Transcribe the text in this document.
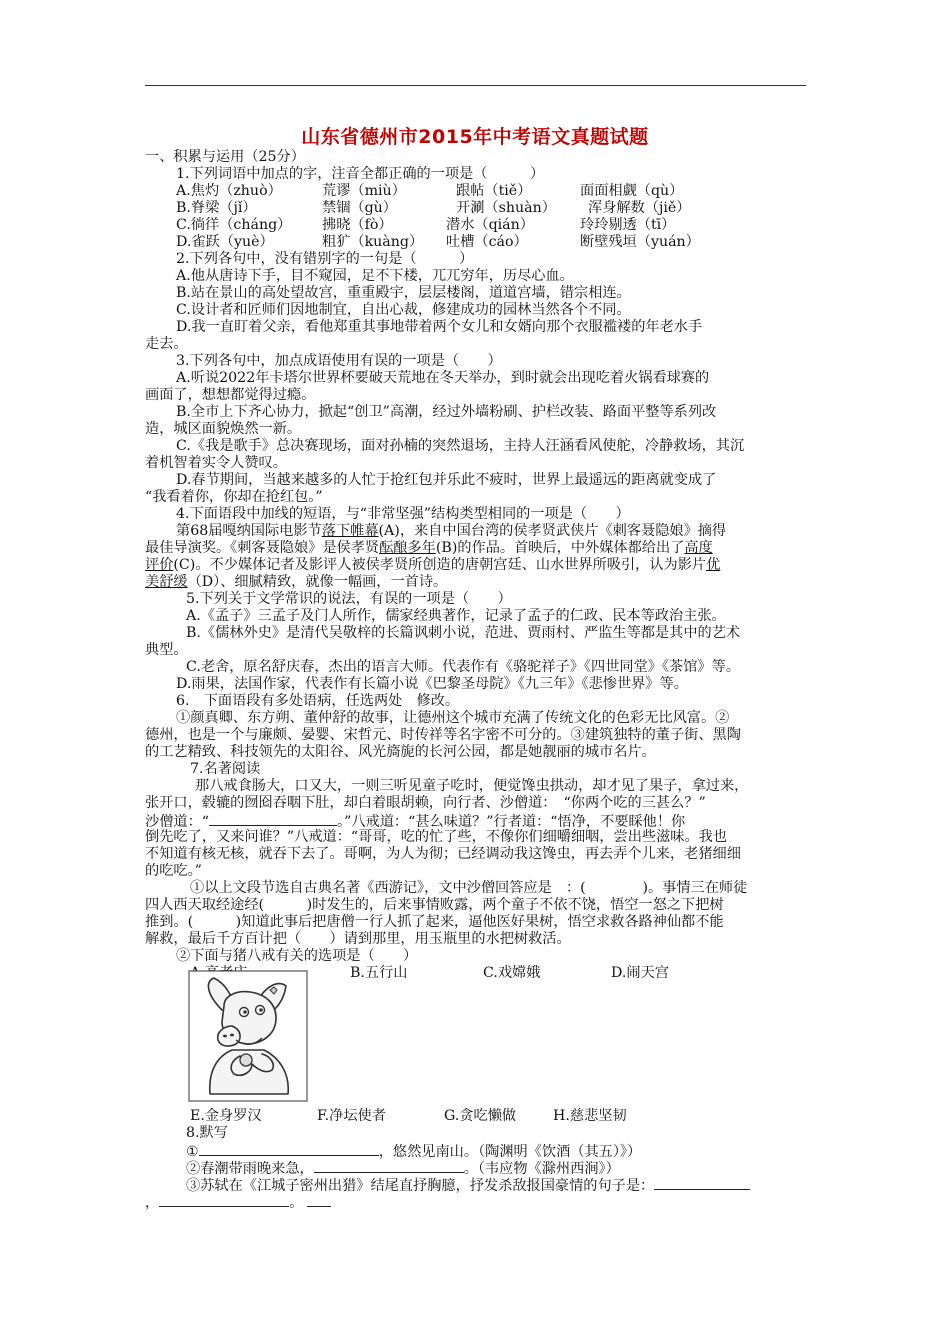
山东省德州市2015年中考语文真题试题
一、积累与运用（25分）
1.下列词语中加点的字，注音全都正确的一项是（　　　）
A.焦灼（zhuò）	荒谬（miù）	跟帖（tiě）	面面相觑（qù）
B.脊梁（jǐ）	禁锢（gù）	开涮（shuàn） 浑身解数（jiě）
C.徜徉（cháng） 拂晓（fò）	潜水（qián）	玲玲剔透（tī）
D.雀跃（yuè）	粗犷（kuàng） 吐槽（cáo）	断壁残垣（yuán）
2.下列各句中，没有错别字的一句是（　　　）
A.他从唐诗下手，目不窥园，足不下楼，兀兀穷年，历尽心血。
B.站在景山的高处望故宫，重重殿宇，层层楼阁，道道宫墙，错宗相连。
C.设计者和匠师们因地制宜，自出心裁，修建成功的园林当然各个不同。
D.我一直盯着父亲，看他郑重其事地带着两个女儿和女婿向那个衣服褴褛的年老水手
走去。
3.下列各句中，加点成语使用有误的一项是（　　）
A.听说2022年卡塔尔世界杯要破天荒地在冬天举办，到时就会出现吃着火锅看球赛的
画面了，想想都觉得过瘾。
B.全市上下齐心协力，掀起“创卫”高潮，经过外墙粉刷、护栏改装、路面平整等系列改
造，城区面貌焕然一新。
C.《我是歌手》总决赛现场，面对孙楠的突然退场，主持人汪涵看风使舵，冷静救场，其沉
着机智着实令人赞叹。
D.春节期间，当越来越多的人忙于抢红包并乐此不疲时，世界上最遥远的距离就变成了
“我看着你，你却在抢红包。”
4.下面语段中加线的短语，与“非常坚强”结构类型相同的一项是（　　）
第68届嘎纳国际电影节落下帷幕(A)，来自中国台湾的侯孝贤武侠片《刺客聂隐娘》摘得
最佳导演奖。《刺客聂隐娘》是侯孝贤酝酿多年(B)的作品。首映后，中外媒体都给出了高度
评价(C)。不少媒体记者及影评人被侯孝贤所创造的唐朝宫廷、山水世界所吸引，认为影片优
美舒缓（D）、细腻精致，就像一幅画，一首诗。
5.下列关于文学常识的说法，有误的一项是（　　）
A.《孟子》三孟子及门人所作，儒家经典著作，记录了孟子的仁政、民本等政治主张。
B.《儒林外史》是清代吴敬梓的长篇讽刺小说，范进、贾雨村、严监生等都是其中的艺术
典型。
C.老舍，原名舒庆春，杰出的语言大师。代表作有《骆驼祥子》《四世同堂》《茶馆》等。
D.雨果，法国作家，代表作有长篇小说《巴黎圣母院》《九三年》《悲惨世界》等。
6.　下面语段有多处语病，任选两处　修改。
①颜真卿、东方朔、董仲舒的故事，让德州这个城市充满了传统文化的色彩无比风富。②
德州，也是一个与廉颇、晏婴、宋哲元、时传祥等名字密不可分的。③建筑独特的董子街、黑陶
的工艺精致、科技领先的太阳谷、风光旖旎的长河公园，都是她靓丽的城市名片。
7.名著阅读
那八戒食肠大，口又大，一则三听见童子吃时，便觉馋虫拱动，却才见了果子，拿过来，
张开口，毂辘的囫囵吞咽下肚，却白着眼胡赖，向行者、沙僧道：　“你两个吃的三甚么？”
沙僧道：“	。”八戒道：“甚么味道？”行者道：“悟净，不要睬他！你
倒先吃了，又来问谁？”八戒道：“哥哥，吃的忙了些，不像你们细嚼细咽，尝出些滋味。我也
不知道有核无核，就吞下去了。哥啊，为人为彻；已经调动我这馋虫，再去弄个儿来，老猪细细
的吃吃。”
①以上文段节选自古典名著《西游记》，文中沙僧回答应是　：(　　　　)。事情三在师徒
四人西天取经途经(　　　)时发生的，后来事情败露，两个童子不依不饶，悟空一怒之下把树
推到。(　　　)知道此事后把唐僧一行人抓了起来，逼他医好果树，悟空求救各路神仙都不能
解救，最后千方百计把（　　）请到那里，用玉瓶里的水把树救活。
②下面与猪八戒有关的选项是（　　）
B.五行山	C.戏嫦娥	D.闹天宫
E.金身罗汉	F.净坛使者	G.贪吃懒做	H.慈悲坚韧
8.默写
①	，悠然见南山。（陶渊明《饮酒（其五）》）
②春潮带雨晚来急，	。（韦应物《滁州西涧》）
③苏轼在《江城子密州出猎》结尾直抒胸臆，抒发杀敌报国豪情的句子是：
，	。
